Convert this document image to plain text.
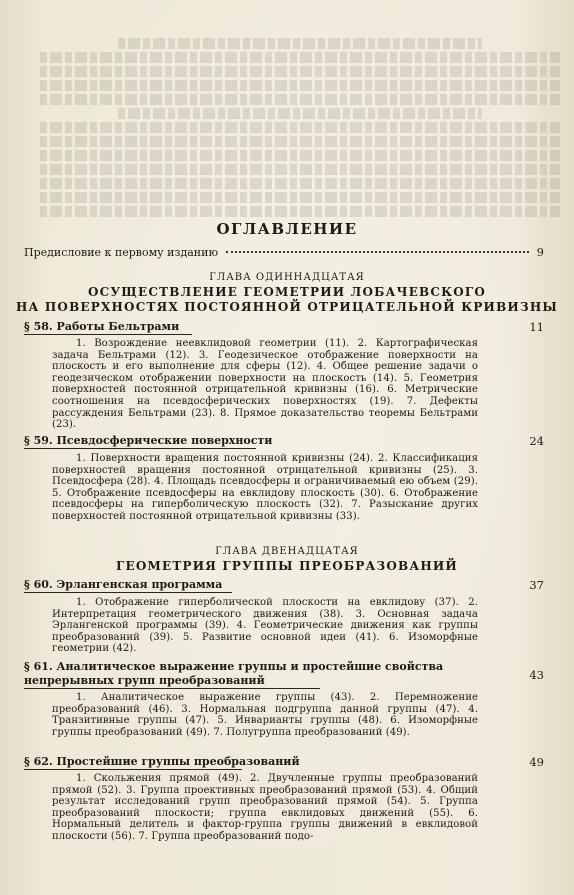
ОГЛАВЛЕНИЕ
Предисловие к первому изданию	9
ГЛАВА ОДИННАДЦАТАЯ
ОСУЩЕСТВЛЕНИЕ ГЕОМЕТРИИ ЛОБАЧЕВСКОГО
НА ПОВЕРХНОСТЯХ ПОСТОЯННОЙ ОТРИЦАТЕЛЬНОЙ КРИВИЗНЫ
§ 58. Работы Бельтрами	11
1. Возрождение неевклидовой геометрии (11). 2. Картографическая задача Бельтрами (12). 3. Геодезическое отображение поверхности на плоскость и его выполнение для сферы (12). 4. Общее решение задачи о геодезическом отображении поверхности на плоскость (14). 5. Геометрия поверхностей постоянной отрицательной кривизны (16). 6. Метрические соотношения на псевдосферических поверхностях (19). 7. Дефекты рассуждения Бельтрами (23). 8. Прямое доказательство теоремы Бельтрами (23).
§ 59. Псевдосферические поверхности	24
1. Поверхности вращения постоянной кривизны (24). 2. Классификация поверхностей вращения постоянной отрицательной кривизны (25). 3. Псевдосфера (28). 4. Площадь псевдосферы и ограничиваемый ею объем (29). 5. Отображение псевдосферы на евклидову плоскость (30). 6. Отображение псевдосферы на гиперболическую плоскость (32). 7. Разыскание других поверхностей постоянной отрицательной кривизны (33).
ГЛАВА ДВЕНАДЦАТАЯ
ГЕОМЕТРИЯ ГРУППЫ ПРЕОБРАЗОВАНИЙ
§ 60. Эрлангенская программа	37
1. Отображение гиперболической плоскости на евклидову (37). 2. Интерпретация геометрического движения (38). 3. Основная задача Эрлангенской программы (39). 4. Геометрические движения как группы преобразований (39). 5. Развитие основной идеи (41). 6. Изоморфные геометрии (42).
§ 61. Аналитическое выражение группы и простейшие свойства непрерывных групп преобразований	43
1. Аналитическое выражение группы (43). 2. Перемножение преобразований (46). 3. Нормальная подгруппа данной группы (47). 4. Транзитивные группы (47). 5. Инварианты группы (48). 6. Изоморфные группы преобразований (49). 7. Полугруппа преобразований (49).
§ 62. Простейшие группы преобразований	49
1. Скольжения прямой (49). 2. Двучленные группы преобразований прямой (52). 3. Группа проективных преобразований прямой (53). 4. Общий результат исследований групп преобразований прямой (54). 5. Группа преобразований плоскости; группа евклидовых движений (55). 6. Нормальный делитель и фактор-группа группы движений в евклидовой плоскости (56). 7. Группа преобразований подо-
